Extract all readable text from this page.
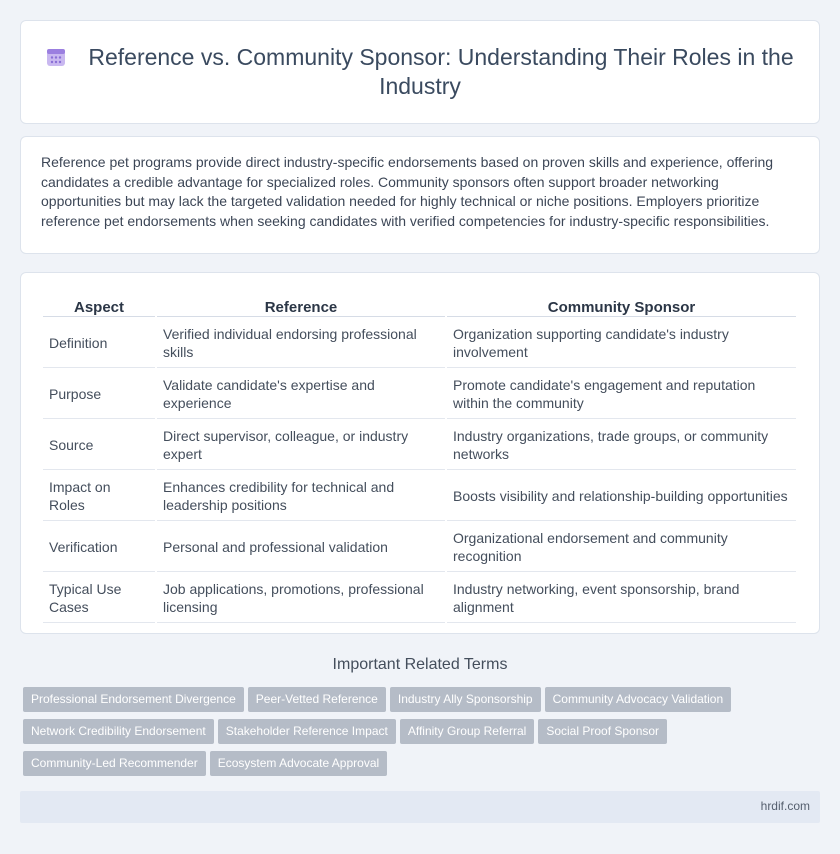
Reference vs. Community Sponsor: Understanding Their Roles in the Industry

Reference pet programs provide direct industry-specific endorsements based on proven skills and experience, offering candidates a credible advantage for specialized roles. Community sponsors often support broader networking opportunities but may lack the targeted validation needed for highly technical or niche positions. Employers prioritize reference pet endorsements when seeking candidates with verified competencies for industry-specific responsibilities.

Aspect	Reference	Community Sponsor
Definition	Verified individual endorsing professional skills	Organization supporting candidate's industry involvement
Purpose	Validate candidate's expertise and experience	Promote candidate's engagement and reputation within the community
Source	Direct supervisor, colleague, or industry expert	Industry organizations, trade groups, or community networks
Impact on Roles	Enhances credibility for technical and leadership positions	Boosts visibility and relationship-building opportunities
Verification	Personal and professional validation	Organizational endorsement and community recognition
Typical Use Cases	Job applications, promotions, professional licensing	Industry networking, event sponsorship, brand alignment
Important Related Terms
Professional Endorsement Divergence Peer-Vetted Reference Industry Ally Sponsorship Community Advocacy Validation
Network Credibility Endorsement Stakeholder Reference Impact Affinity Group Referral Social Proof Sponsor
Community-Led Recommender Ecosystem Advocate Approval
hrdif.com
